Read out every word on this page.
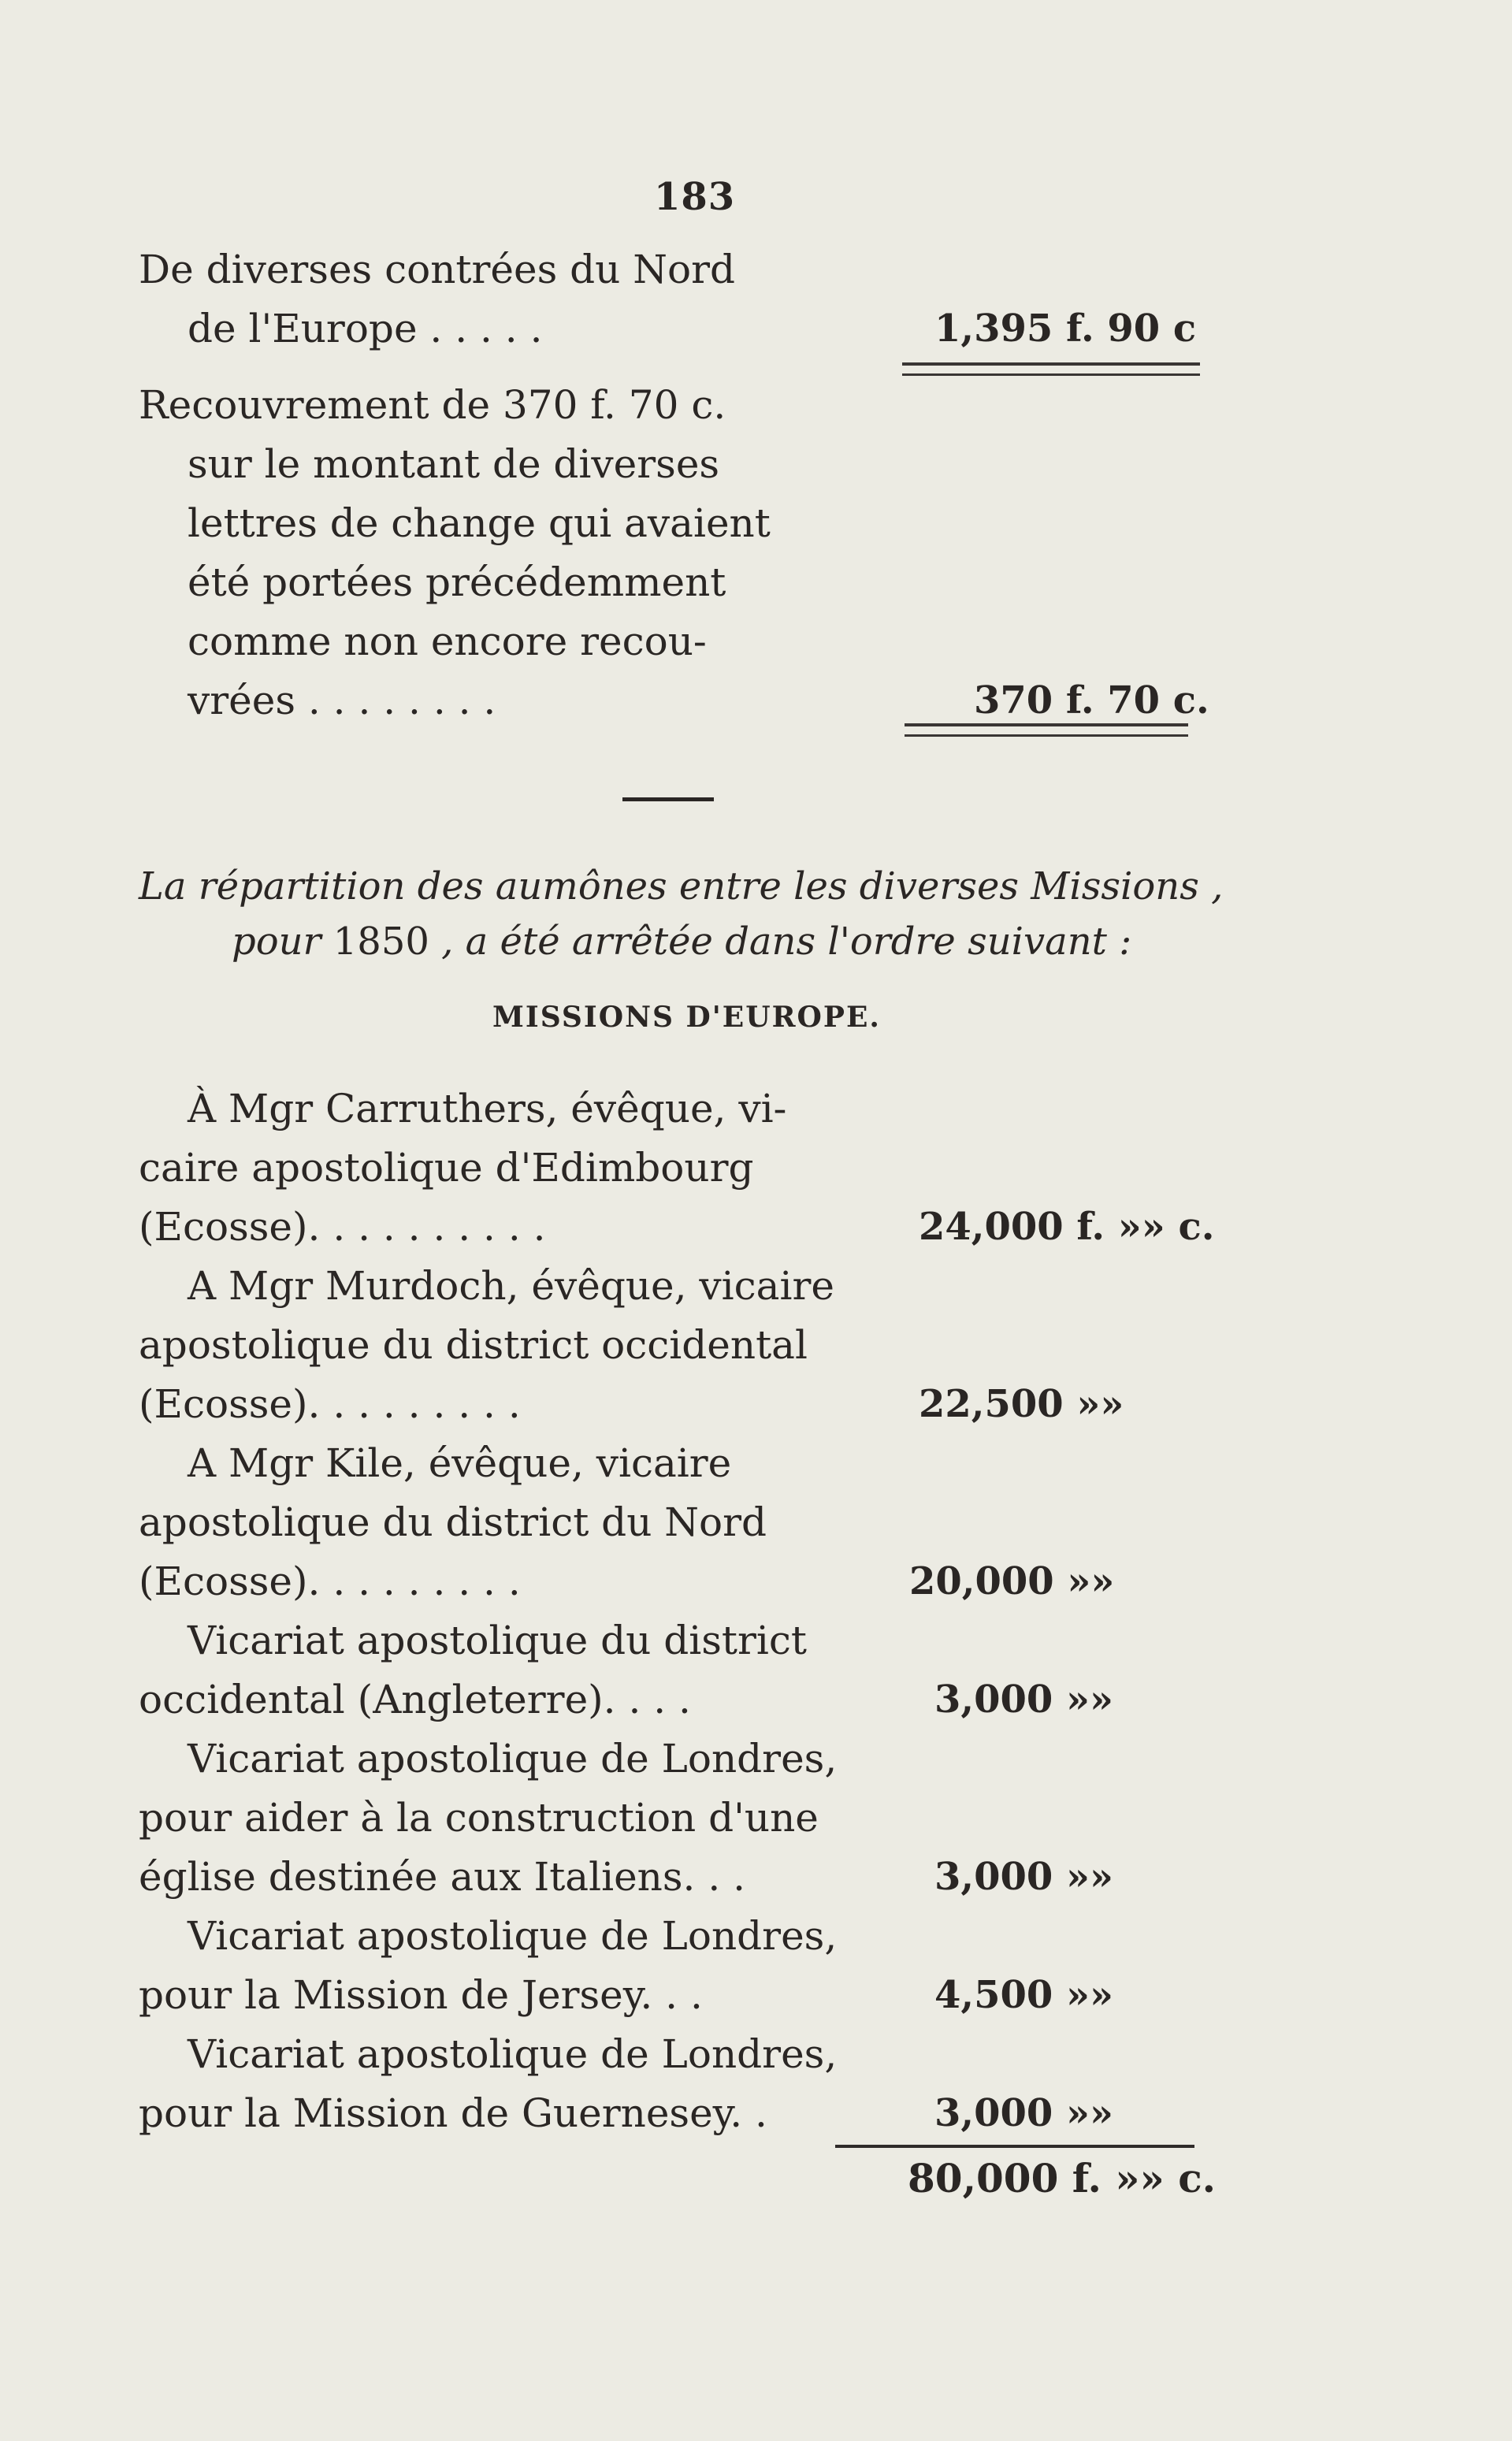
183
De diverses contrées du Nord
de l'Europe . . . . .	1,395 f. 90 c
Recouvrement de 370 f. 70 c.
sur le montant de diverses
lettres de change qui avaient
été portées précédemment
comme non encore recou-
vrées . . . . . . . .	370 f. 70 c.
La répartition des aumônes entre les diverses Missions ,
pour 1850 , a été arrêtée dans l'ordre suivant :
MISSIONS D'EUROPE.
À Mgr Carruthers, évêque, vi-
caire apostolique d'Edimbourg
(Ecosse). . . . . . . . . .	24,000 f. »» c.
A Mgr Murdoch, évêque, vicaire
apostolique du district occidental
(Ecosse). . . . . . . . .	22,500 »»
A Mgr Kile, évêque, vicaire
apostolique du district du Nord
(Ecosse). . . . . . . . .	20,000 »»
Vicariat apostolique du district
occidental (Angleterre). . . .	3,000 »»
Vicariat apostolique de Londres,
pour aider à la construction d'une
église destinée aux Italiens. . .	3,000 »»
Vicariat apostolique de Londres,
pour la Mission de Jersey. . .	4,500 »»
Vicariat apostolique de Londres,
pour la Mission de Guernesey. .	3,000 »»
80,000 f. »» c.
